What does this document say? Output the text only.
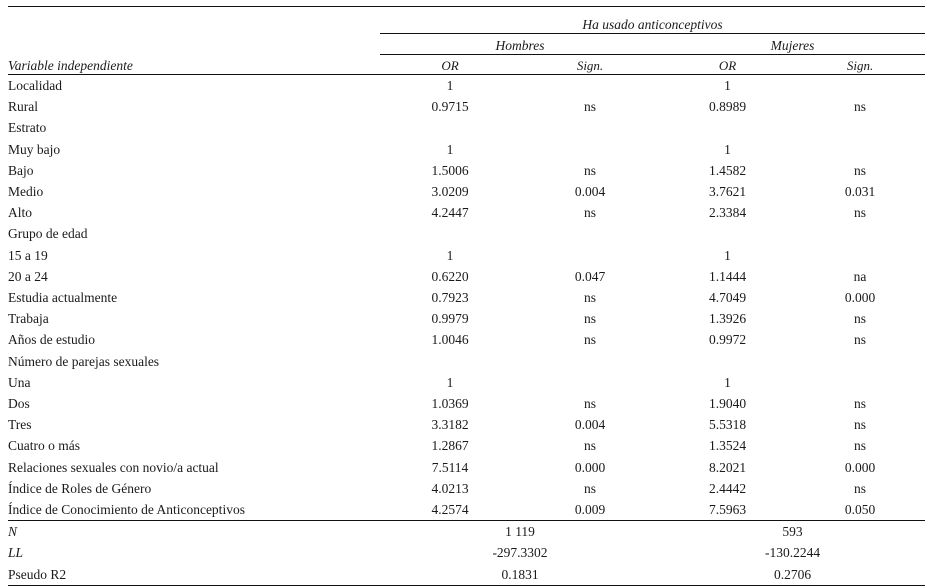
	Ha usado anticonceptivos			
	Hombres		Mujeres	
Variable independiente	OR	Sign.	OR	Sign.
Localidad	1		1	
Rural	0.9715	ns	0.8989	ns
Estrato				
Muy bajo	1		1	
Bajo	1.5006	ns	1.4582	ns
Medio	3.0209	0.004	3.7621	0.031
Alto	4.2447	ns	2.3384	ns
Grupo de edad				
15 a 19	1		1	
20 a 24	0.6220	0.047	1.1444	na
Estudia actualmente	0.7923	ns	4.7049	0.000
Trabaja	0.9979	ns	1.3926	ns
Años de estudio	1.0046	ns	0.9972	ns
Número de parejas sexuales				
Una	1		1	
Dos	1.0369	ns	1.9040	ns
Tres	3.3182	0.004	5.5318	ns
Cuatro o más	1.2867	ns	1.3524	ns
Relaciones sexuales con novio/a actual	7.5114	0.000	8.2021	0.000
Índice de Roles de Género	4.0213	ns	2.4442	ns
Índice de Conocimiento de Anticonceptivos	4.2574	0.009	7.5963	0.050
N	1 119		593	
LL	-297.3302		-130.2244	
Pseudo R2	0.1831		0.2706	
